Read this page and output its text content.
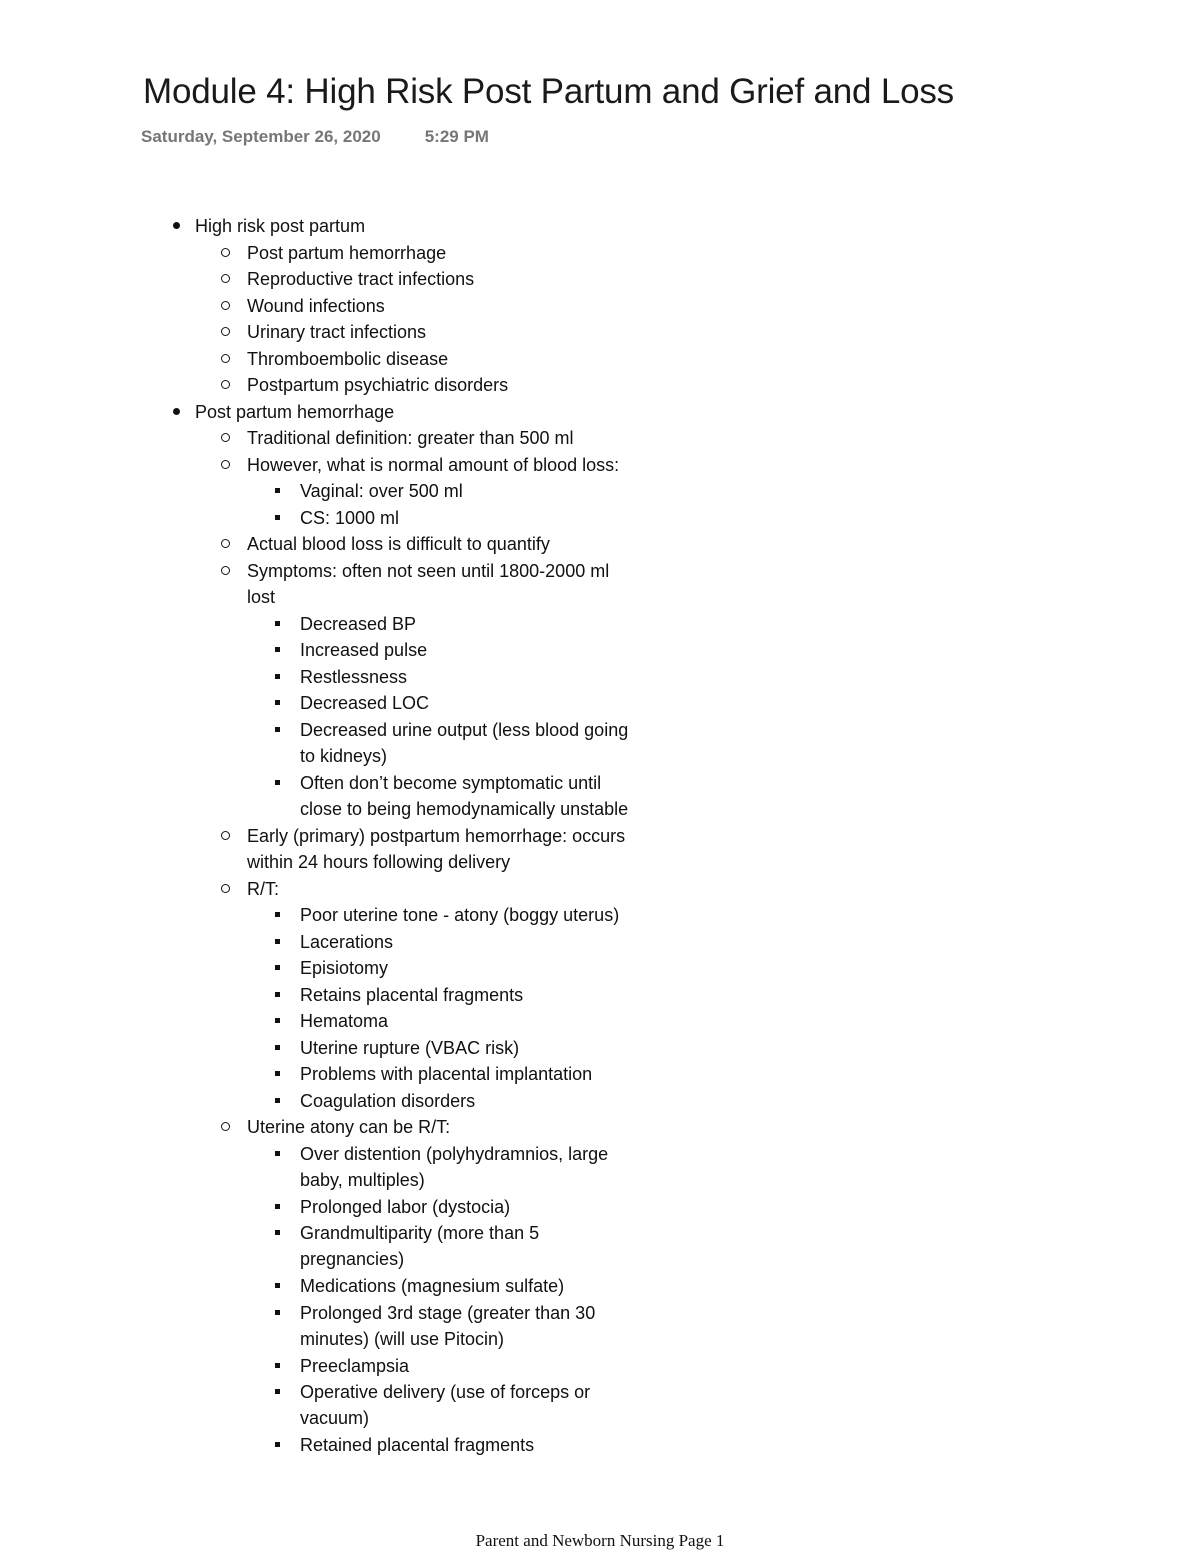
Module 4: High Risk Post Partum and Grief and Loss
Saturday, September 26, 2020	5:29 PM
High risk post partum
Post partum hemorrhage
Reproductive tract infections
Wound infections
Urinary tract infections
Thromboembolic disease
Postpartum psychiatric disorders
Post partum hemorrhage
Traditional definition: greater than 500 ml
However, what is normal amount of blood loss:
Vaginal: over 500 ml
CS: 1000 ml
Actual blood loss is difficult to quantify
Symptoms: often not seen until 1800-2000 ml
lost
Decreased BP
Increased pulse
Restlessness
Decreased LOC
Decreased urine output (less blood going
to kidneys)
Often don’t become symptomatic until
close to being hemodynamically unstable
Early (primary) postpartum hemorrhage: occurs
within 24 hours following delivery
R/T:
Poor uterine tone - atony (boggy uterus)
Lacerations
Episiotomy
Retains placental fragments
Hematoma
Uterine rupture (VBAC risk)
Problems with placental implantation
Coagulation disorders
Uterine atony can be R/T:
Over distention (polyhydramnios, large
baby, multiples)
Prolonged labor (dystocia)
Grandmultiparity (more than 5
pregnancies)
Medications (magnesium sulfate)
Prolonged 3rd stage (greater than 30
minutes) (will use Pitocin)
Preeclampsia
Operative delivery (use of forceps or
vacuum)
Retained placental fragments
Parent and Newborn Nursing Page 1
